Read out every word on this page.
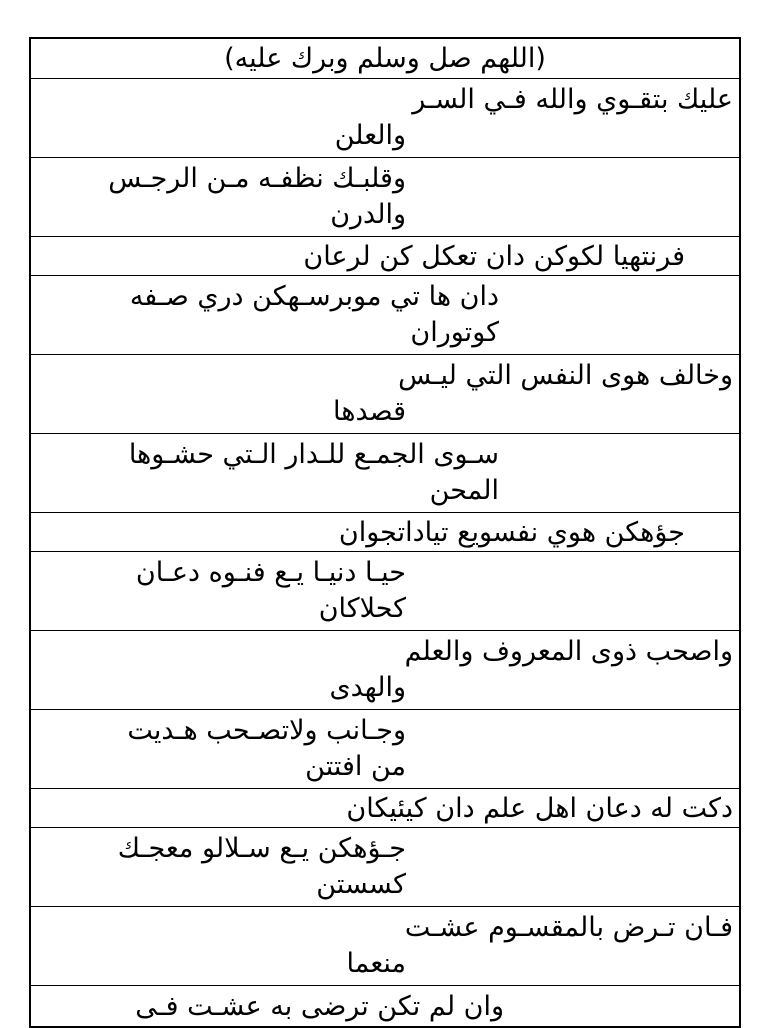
(اللهم صل وسلم وبرك عليه)
عليك بتقـوي والله فـي السـر
والعلن
وقلبـك نظفـه مـن الرجـس
والدرن
فرنتهيا لكوكن دان تعكل كن لرعان
دان ها تي موبرسـهكن دري صـفه
كوتوران
وخالف هوى النفس التي ليـس
قصدها
سـوى الجمـع للـدار الـتي حشـوها
المحن
جؤهكن هوي نفسويع تياداتجوان
حيـا دنيـا يـع فنـوه دعـان
كحلاكان
واصحب ذوى المعروف والعلم
والهدى
وجـانب ولاتصـحب هـديت
من افتتن
دكت له دعان اهل علم دان كيئيكان
جـؤهكن يـع سـلالو معجـك
كسستن
فـان تـرض بالمقسـوم عشـت
منعما
وان لم تكن ترضى به عشـت فـى
